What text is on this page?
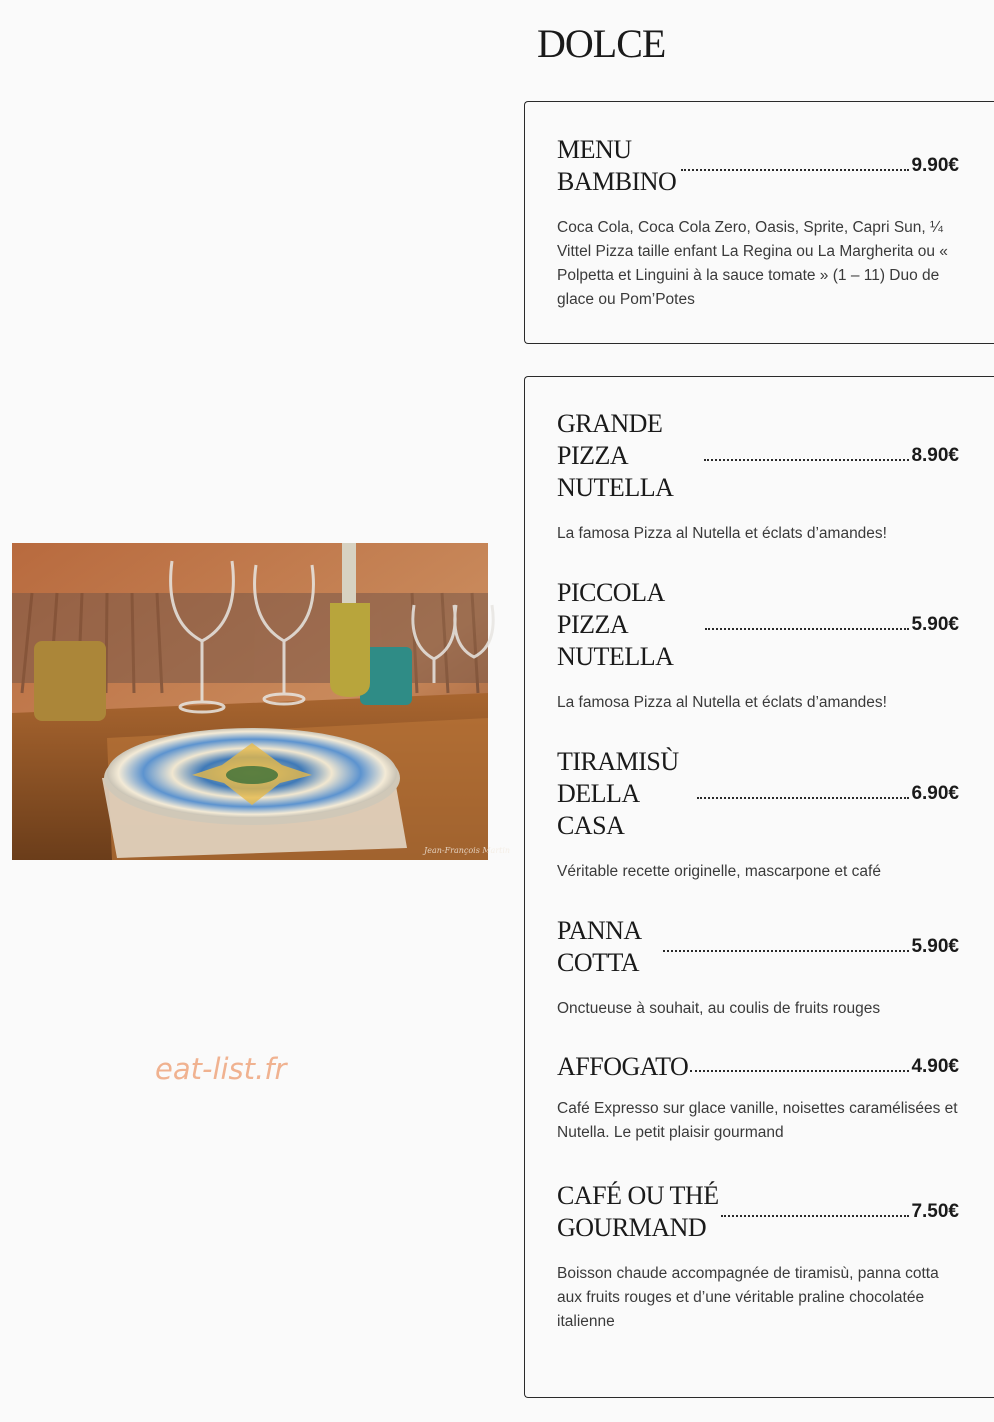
DOLCE
MENU BAMBINO
9.90€
Coca Cola, Coca Cola Zero, Oasis, Sprite, Capri Sun, ¼ Vittel Pizza taille enfant La Regina ou La Margherita ou « Polpetta et Linguini à la sauce tomate » (1 – 11) Duo de glace ou Pom’Potes
GRANDE PIZZA NUTELLA
8.90€
La famosa Pizza al Nutella et éclats d’amandes!
PICCOLA PIZZA NUTELLA
5.90€
La famosa Pizza al Nutella et éclats d’amandes!
TIRAMISÙ DELLA CASA
6.90€
Véritable recette originelle, mascarpone et café
PANNA COTTA
5.90€
Onctueuse à souhait, au coulis de fruits rouges
AFFOGATO	4.90€
Café Expresso sur glace vanille, noisettes caramélisées et Nutella. Le petit plaisir gourmand
CAFÉ OU THÉ GOURMAND
7.50€
Boisson chaude accompagnée de tiramisù, panna cotta aux fruits rouges et d’une véritable praline chocolatée italienne
Jean-François Martin
eat-list.fr
